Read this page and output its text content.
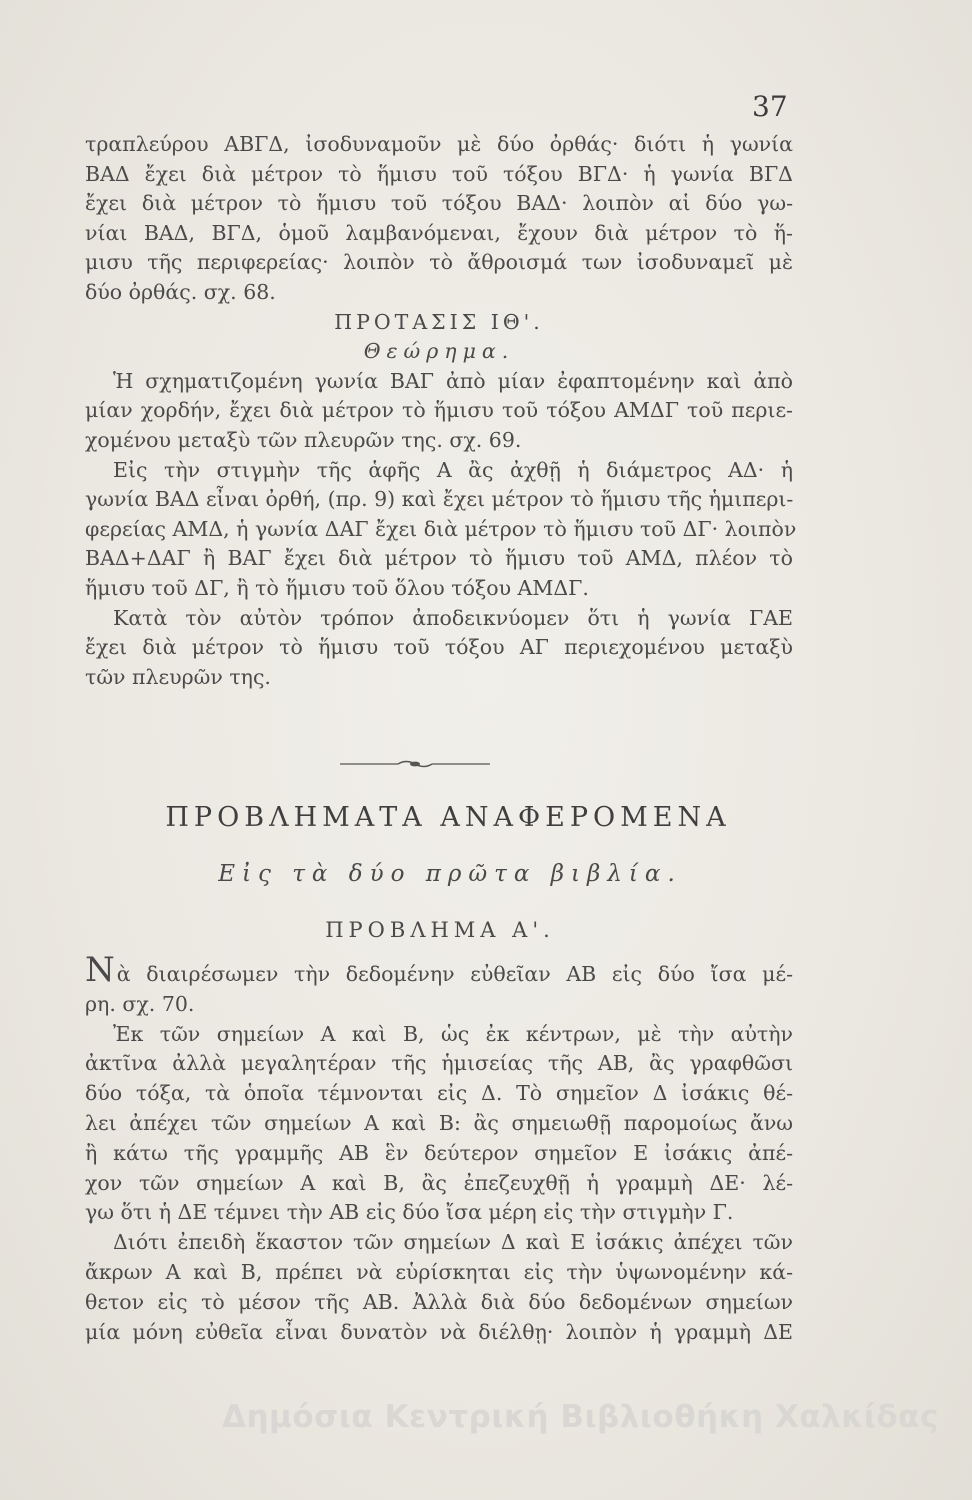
37
τραπλεύρου ΑΒΓΔ, ἰσοδυναμοῦν μὲ δύο ὀρθάς· διότι ἡ γωνία
ΒΑΔ ἔχει διὰ μέτρον τὸ ἥμισυ τοῦ τόξου ΒΓΔ· ἡ γωνία ΒΓΔ
ἔχει διὰ μέτρον τὸ ἥμισυ τοῦ τόξου ΒΑΔ· λοιπὸν αἱ δύο γω-
νίαι ΒΑΔ, ΒΓΔ, ὁμοῦ λαμβανόμεναι, ἔχουν διὰ μέτρον τὸ ἥ-
μισυ τῆς περιφερείας· λοιπὸν τὸ ἄθροισμά των ἰσοδυναμεῖ μὲ
δύο ὀρθάς. σχ. 68.
ΠΡΟΤΑΣΙΣ ΙΘ'.
Θεώρημα.
Ἡ σχηματιζομένη γωνία ΒΑΓ ἀπὸ μίαν ἐφαπτομένην καὶ ἀπὸ
μίαν χορδήν, ἔχει διὰ μέτρον τὸ ἥμισυ τοῦ τόξου ΑΜΔΓ τοῦ περιε-
χομένου μεταξὺ τῶν πλευρῶν της. σχ. 69.
Εἰς τὴν στιγμὴν τῆς ἁφῆς Α ἂς ἀχθῇ ἡ διάμετρος ΑΔ· ἡ
γωνία ΒΑΔ εἶναι ὀρθή, (πρ. 9) καὶ ἔχει μέτρον τὸ ἥμισυ τῆς ἡμιπερι-
φερείας ΑΜΔ, ἡ γωνία ΔΑΓ ἔχει διὰ μέτρον τὸ ἥμισυ τοῦ ΔΓ· λοιπὸν
ΒΑΔ+ΔΑΓ ἢ ΒΑΓ ἔχει διὰ μέτρον τὸ ἥμισυ τοῦ ΑΜΔ, πλέον τὸ
ἥμισυ τοῦ ΔΓ, ἢ τὸ ἥμισυ τοῦ ὅλου τόξου ΑΜΔΓ.
Κατὰ τὸν αὐτὸν τρόπον ἀποδεικνύομεν ὅτι ἡ γωνία ΓΑΕ
ἔχει διὰ μέτρον τὸ ἥμισυ τοῦ τόξου ΑΓ περιεχομένου μεταξὺ
τῶν πλευρῶν της.
ΠΡΟΒΛΗΜΑΤΑ ΑΝΑΦΕΡΟΜΕΝΑ
Εἰς τὰ δύο πρῶτα βιβλία.
ΠΡΟΒΛΗΜΑ Α'.
Νὰ διαιρέσωμεν τὴν δεδομένην εὐθεῖαν ΑΒ εἰς δύο ἴσα μέ-
ρη. σχ. 70.
Ἐκ τῶν σημείων Α καὶ Β, ὡς ἐκ κέντρων, μὲ τὴν αὐτὴν
ἀκτῖνα ἀλλὰ μεγαλητέραν τῆς ἡμισείας τῆς ΑΒ, ἂς γραφθῶσι
δύο τόξα, τὰ ὁποῖα τέμνονται εἰς Δ. Τὸ σημεῖον Δ ἰσάκις θέ-
λει ἀπέχει τῶν σημείων Α καὶ Β: ἂς σημειωθῇ παρομοίως ἄνω
ἢ κάτω τῆς γραμμῆς ΑΒ ἓν δεύτερον σημεῖον Ε ἰσάκις ἀπέ-
χον τῶν σημείων Α καὶ Β, ἂς ἐπεζευχθῇ ἡ γραμμὴ ΔΕ· λέ-
γω ὅτι ἡ ΔΕ τέμνει τὴν ΑΒ εἰς δύο ἴσα μέρη εἰς τὴν στιγμὴν Γ.
Διότι ἐπειδὴ ἕκαστον τῶν σημείων Δ καὶ Ε ἰσάκις ἀπέχει τῶν
ἄκρων Α καὶ Β, πρέπει νὰ εὑρίσκηται εἰς τὴν ὑψωνομένην κά-
θετον εἰς τὸ μέσον τῆς ΑΒ. Ἀλλὰ διὰ δύο δεδομένων σημείων
μία μόνη εὐθεῖα εἶναι δυνατὸν νὰ διέλθῃ· λοιπὸν ἡ γραμμὴ ΔΕ
Δημόσια Κεντρική Βιβλιοθήκη Χαλκίδας
